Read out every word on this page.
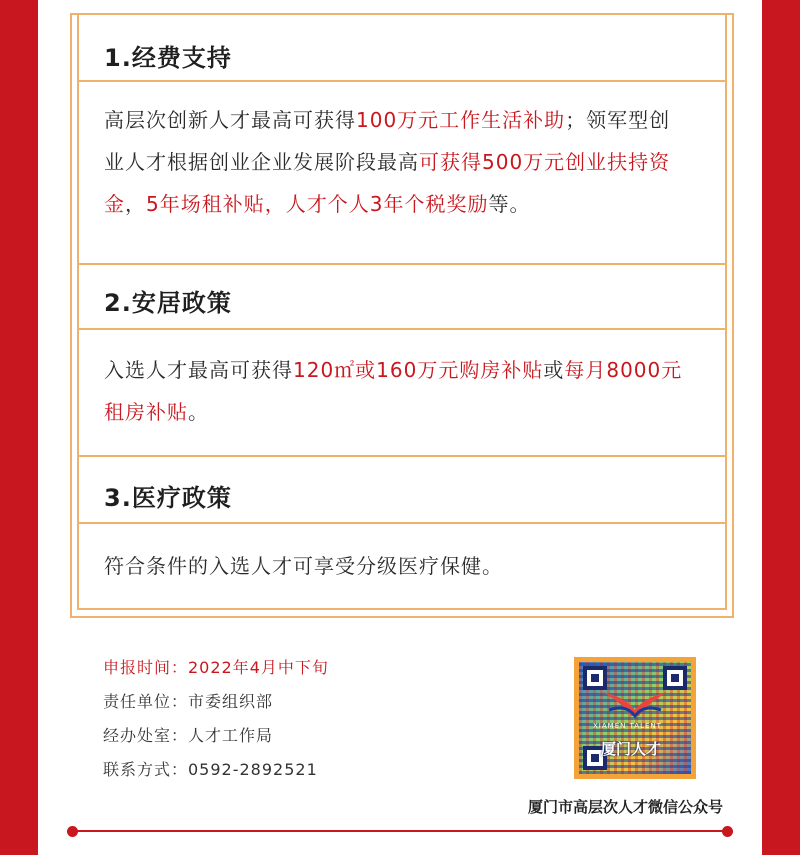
1.经费支持
2.安居政策
3.医疗政策
高层次创新人才最高可获得100万元工作生活补助；领军型创
业人才根据创业企业发展阶段最高可获得500万元创业扶持资
金，5年场租补贴，人才个人3年个税奖励等。
入选人才最高可获得120㎡或160万元购房补贴或每月8000元
租房补贴。
符合条件的入选人才可享受分级医疗保健。
申报时间：2022年4月中下旬
责任单位：市委组织部
经办处室：人才工作局
联系方式：0592-2892521
XIAMEN TALENT
厦门人才
厦门市高层次人才微信公众号
